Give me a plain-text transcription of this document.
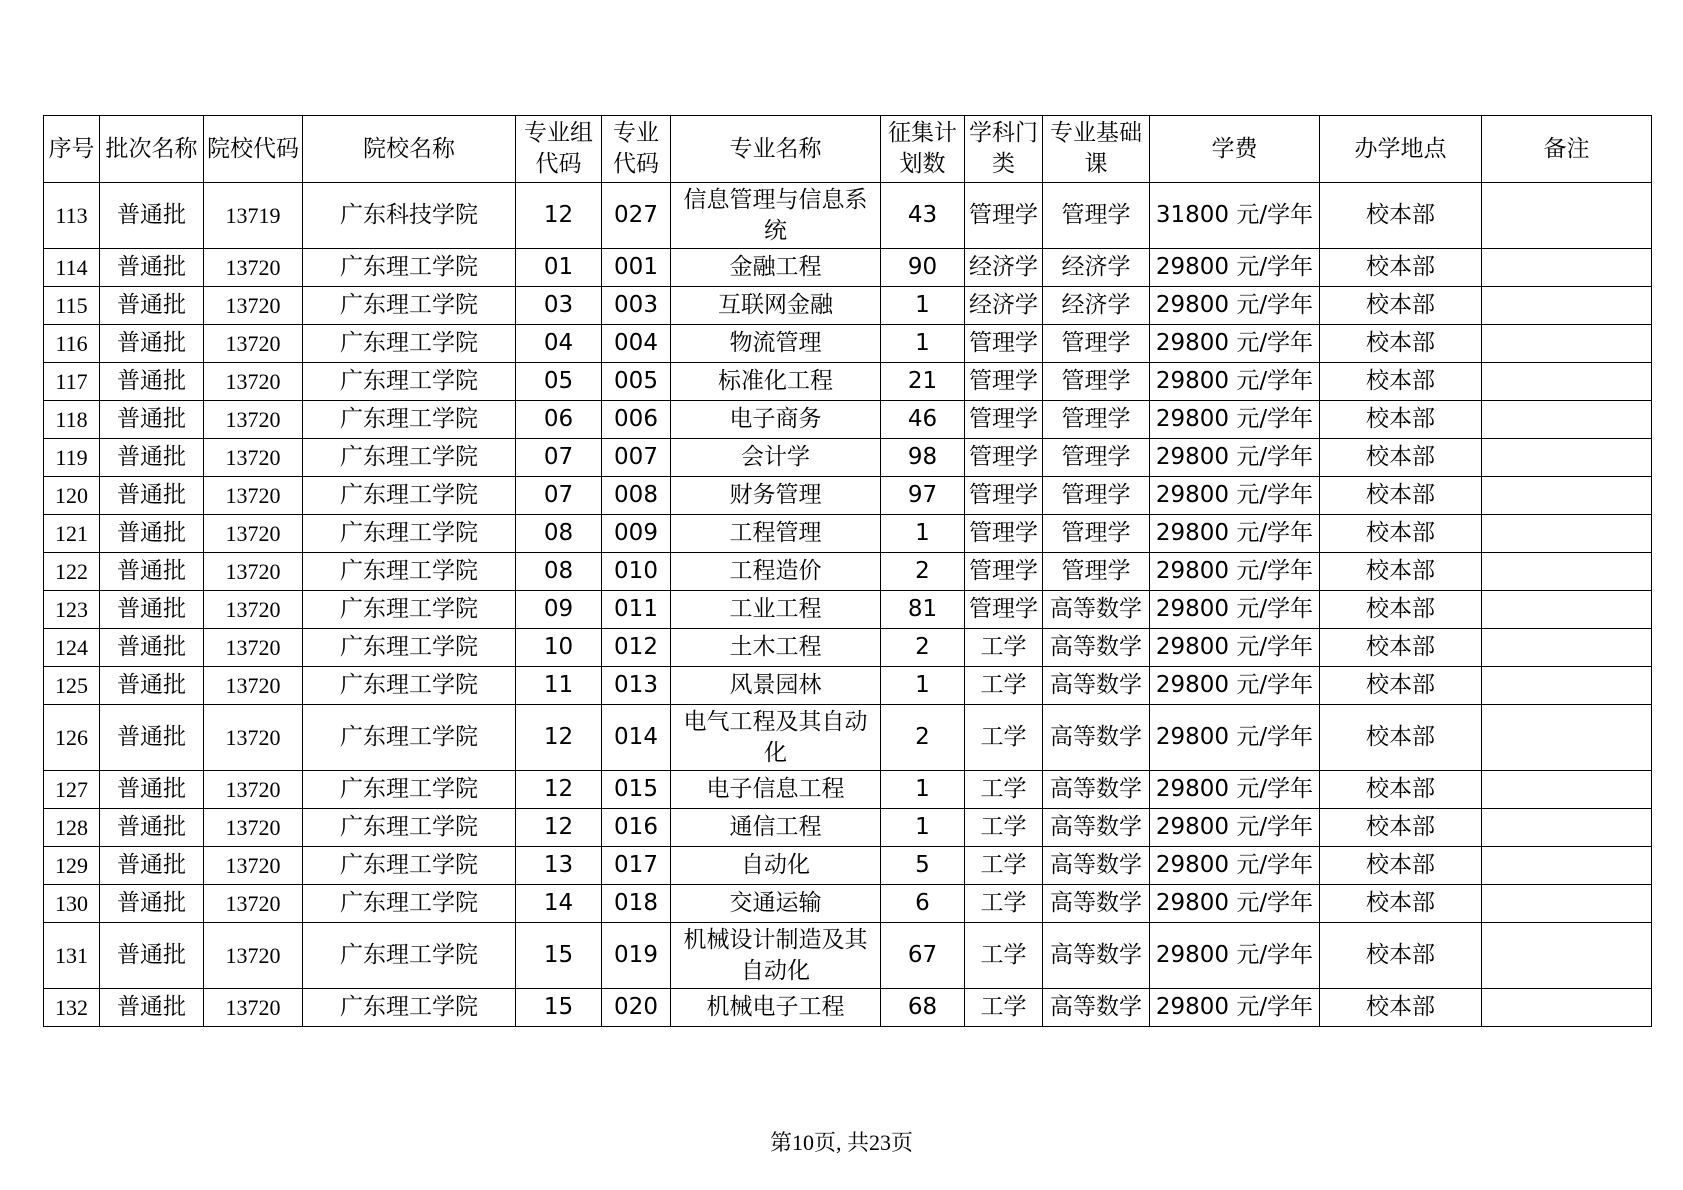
序号	批次名称	院校代码	院校名称	专业组代码	专业代码	专业名称	征集计划数	学科门类	专业基础课	学费	办学地点	备注
113	普通批	13719	广东科技学院	12	027	信息管理与信息系统	43	管理学	管理学	31800 元/学年	校本部	
114	普通批	13720	广东理工学院	01	001	金融工程	90	经济学	经济学	29800 元/学年	校本部	
115	普通批	13720	广东理工学院	03	003	互联网金融	1	经济学	经济学	29800 元/学年	校本部	
116	普通批	13720	广东理工学院	04	004	物流管理	1	管理学	管理学	29800 元/学年	校本部	
117	普通批	13720	广东理工学院	05	005	标准化工程	21	管理学	管理学	29800 元/学年	校本部	
118	普通批	13720	广东理工学院	06	006	电子商务	46	管理学	管理学	29800 元/学年	校本部	
119	普通批	13720	广东理工学院	07	007	会计学	98	管理学	管理学	29800 元/学年	校本部	
120	普通批	13720	广东理工学院	07	008	财务管理	97	管理学	管理学	29800 元/学年	校本部	
121	普通批	13720	广东理工学院	08	009	工程管理	1	管理学	管理学	29800 元/学年	校本部	
122	普通批	13720	广东理工学院	08	010	工程造价	2	管理学	管理学	29800 元/学年	校本部	
123	普通批	13720	广东理工学院	09	011	工业工程	81	管理学	高等数学	29800 元/学年	校本部	
124	普通批	13720	广东理工学院	10	012	土木工程	2	工学	高等数学	29800 元/学年	校本部	
125	普通批	13720	广东理工学院	11	013	风景园林	1	工学	高等数学	29800 元/学年	校本部	
126	普通批	13720	广东理工学院	12	014	电气工程及其自动化	2	工学	高等数学	29800 元/学年	校本部	
127	普通批	13720	广东理工学院	12	015	电子信息工程	1	工学	高等数学	29800 元/学年	校本部	
128	普通批	13720	广东理工学院	12	016	通信工程	1	工学	高等数学	29800 元/学年	校本部	
129	普通批	13720	广东理工学院	13	017	自动化	5	工学	高等数学	29800 元/学年	校本部	
130	普通批	13720	广东理工学院	14	018	交通运输	6	工学	高等数学	29800 元/学年	校本部	
131	普通批	13720	广东理工学院	15	019	机械设计制造及其自动化	67	工学	高等数学	29800 元/学年	校本部	
132	普通批	13720	广东理工学院	15	020	机械电子工程	68	工学	高等数学	29800 元/学年	校本部	
第10页, 共23页
